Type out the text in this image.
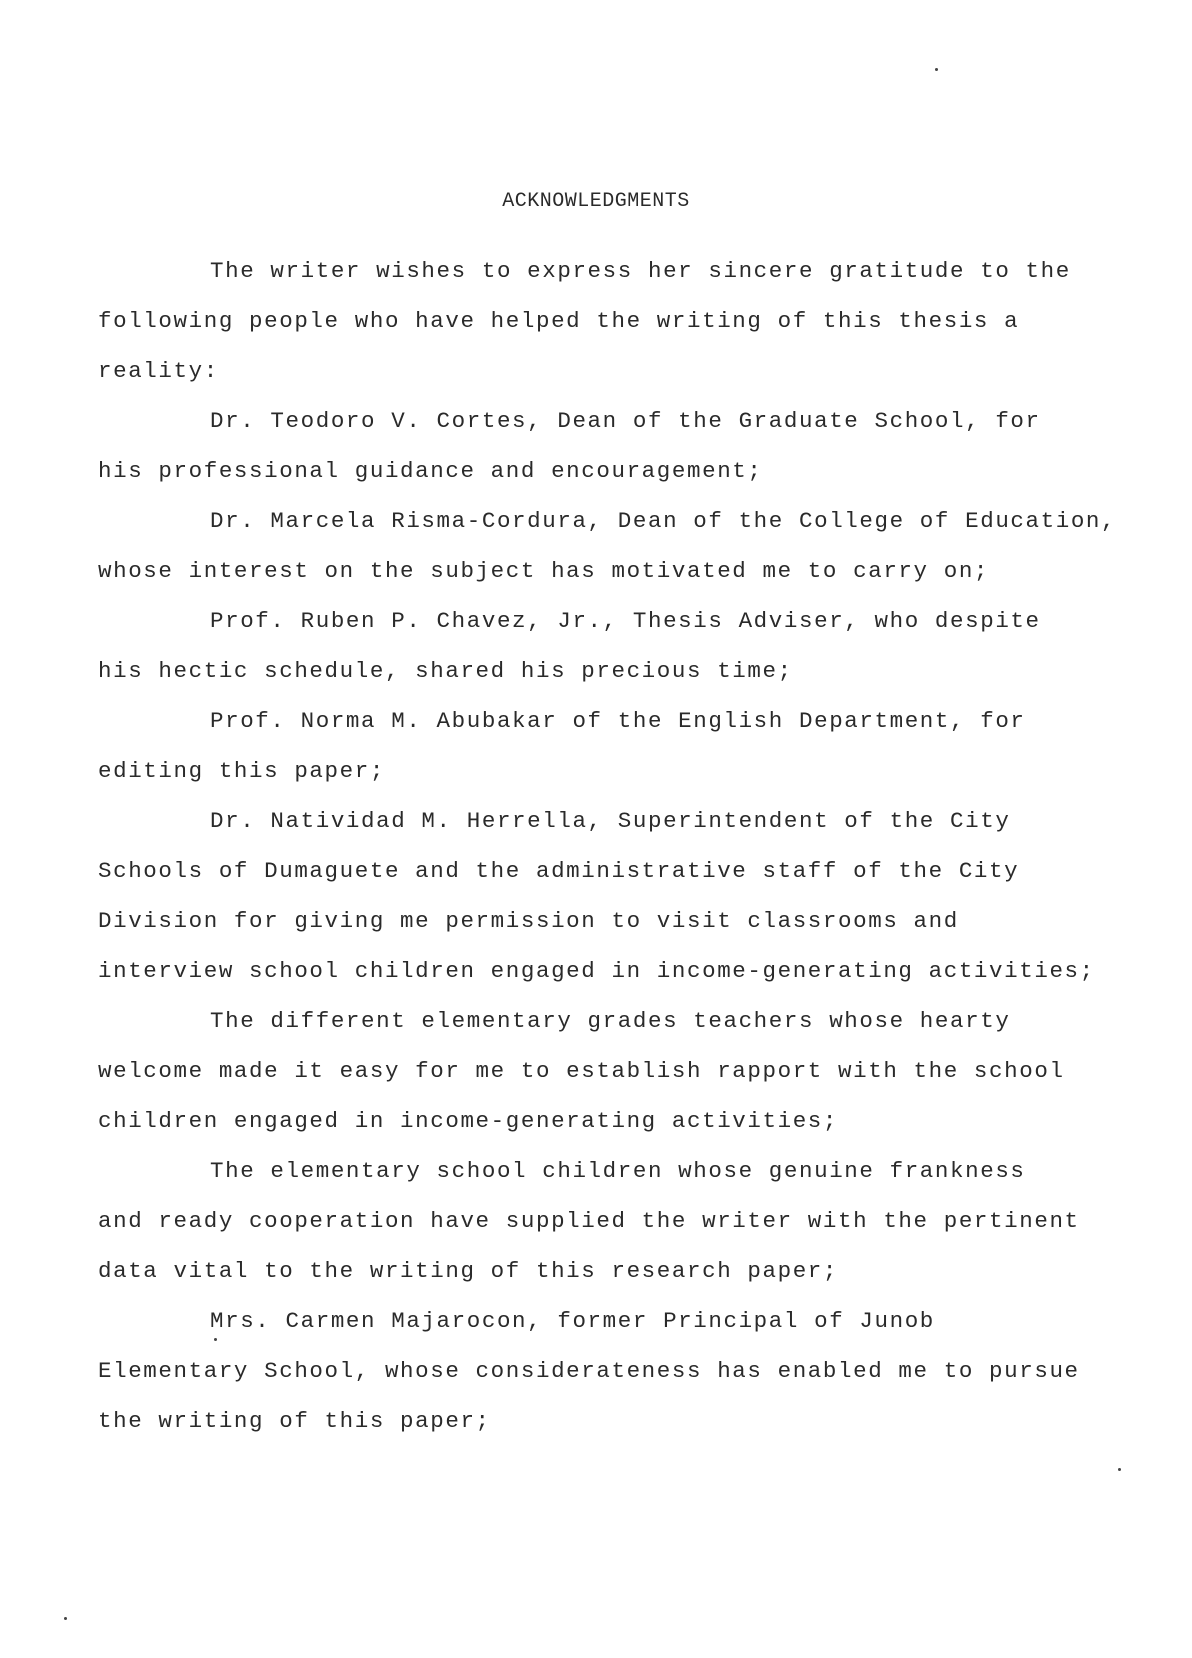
ACKNOWLEDGMENTS
The writer wishes to express her sincere gratitude to the
following people who have helped the writing of this thesis a
reality:
Dr. Teodoro V. Cortes, Dean of the Graduate School, for
his professional guidance and encouragement;
Dr. Marcela Risma-Cordura, Dean of the College of Education,
whose interest on the subject has motivated me to carry on;
Prof. Ruben P. Chavez, Jr., Thesis Adviser, who despite
his hectic schedule, shared his precious time;
Prof. Norma M. Abubakar of the English Department, for
editing this paper;
Dr. Natividad M. Herrella, Superintendent of the City
Schools of Dumaguete and the administrative staff of the City
Division for giving me permission to visit classrooms and
interview school children engaged in income-generating activities;
The different elementary grades teachers whose hearty
welcome made it easy for me to establish rapport with the school
children engaged in income-generating activities;
The elementary school children whose genuine frankness
and ready cooperation have supplied the writer with the pertinent
data vital to the writing of this research paper;
Mrs. Carmen Majarocon, former Principal of Junob
Elementary School, whose considerateness has enabled me to pursue
the writing of this paper;
